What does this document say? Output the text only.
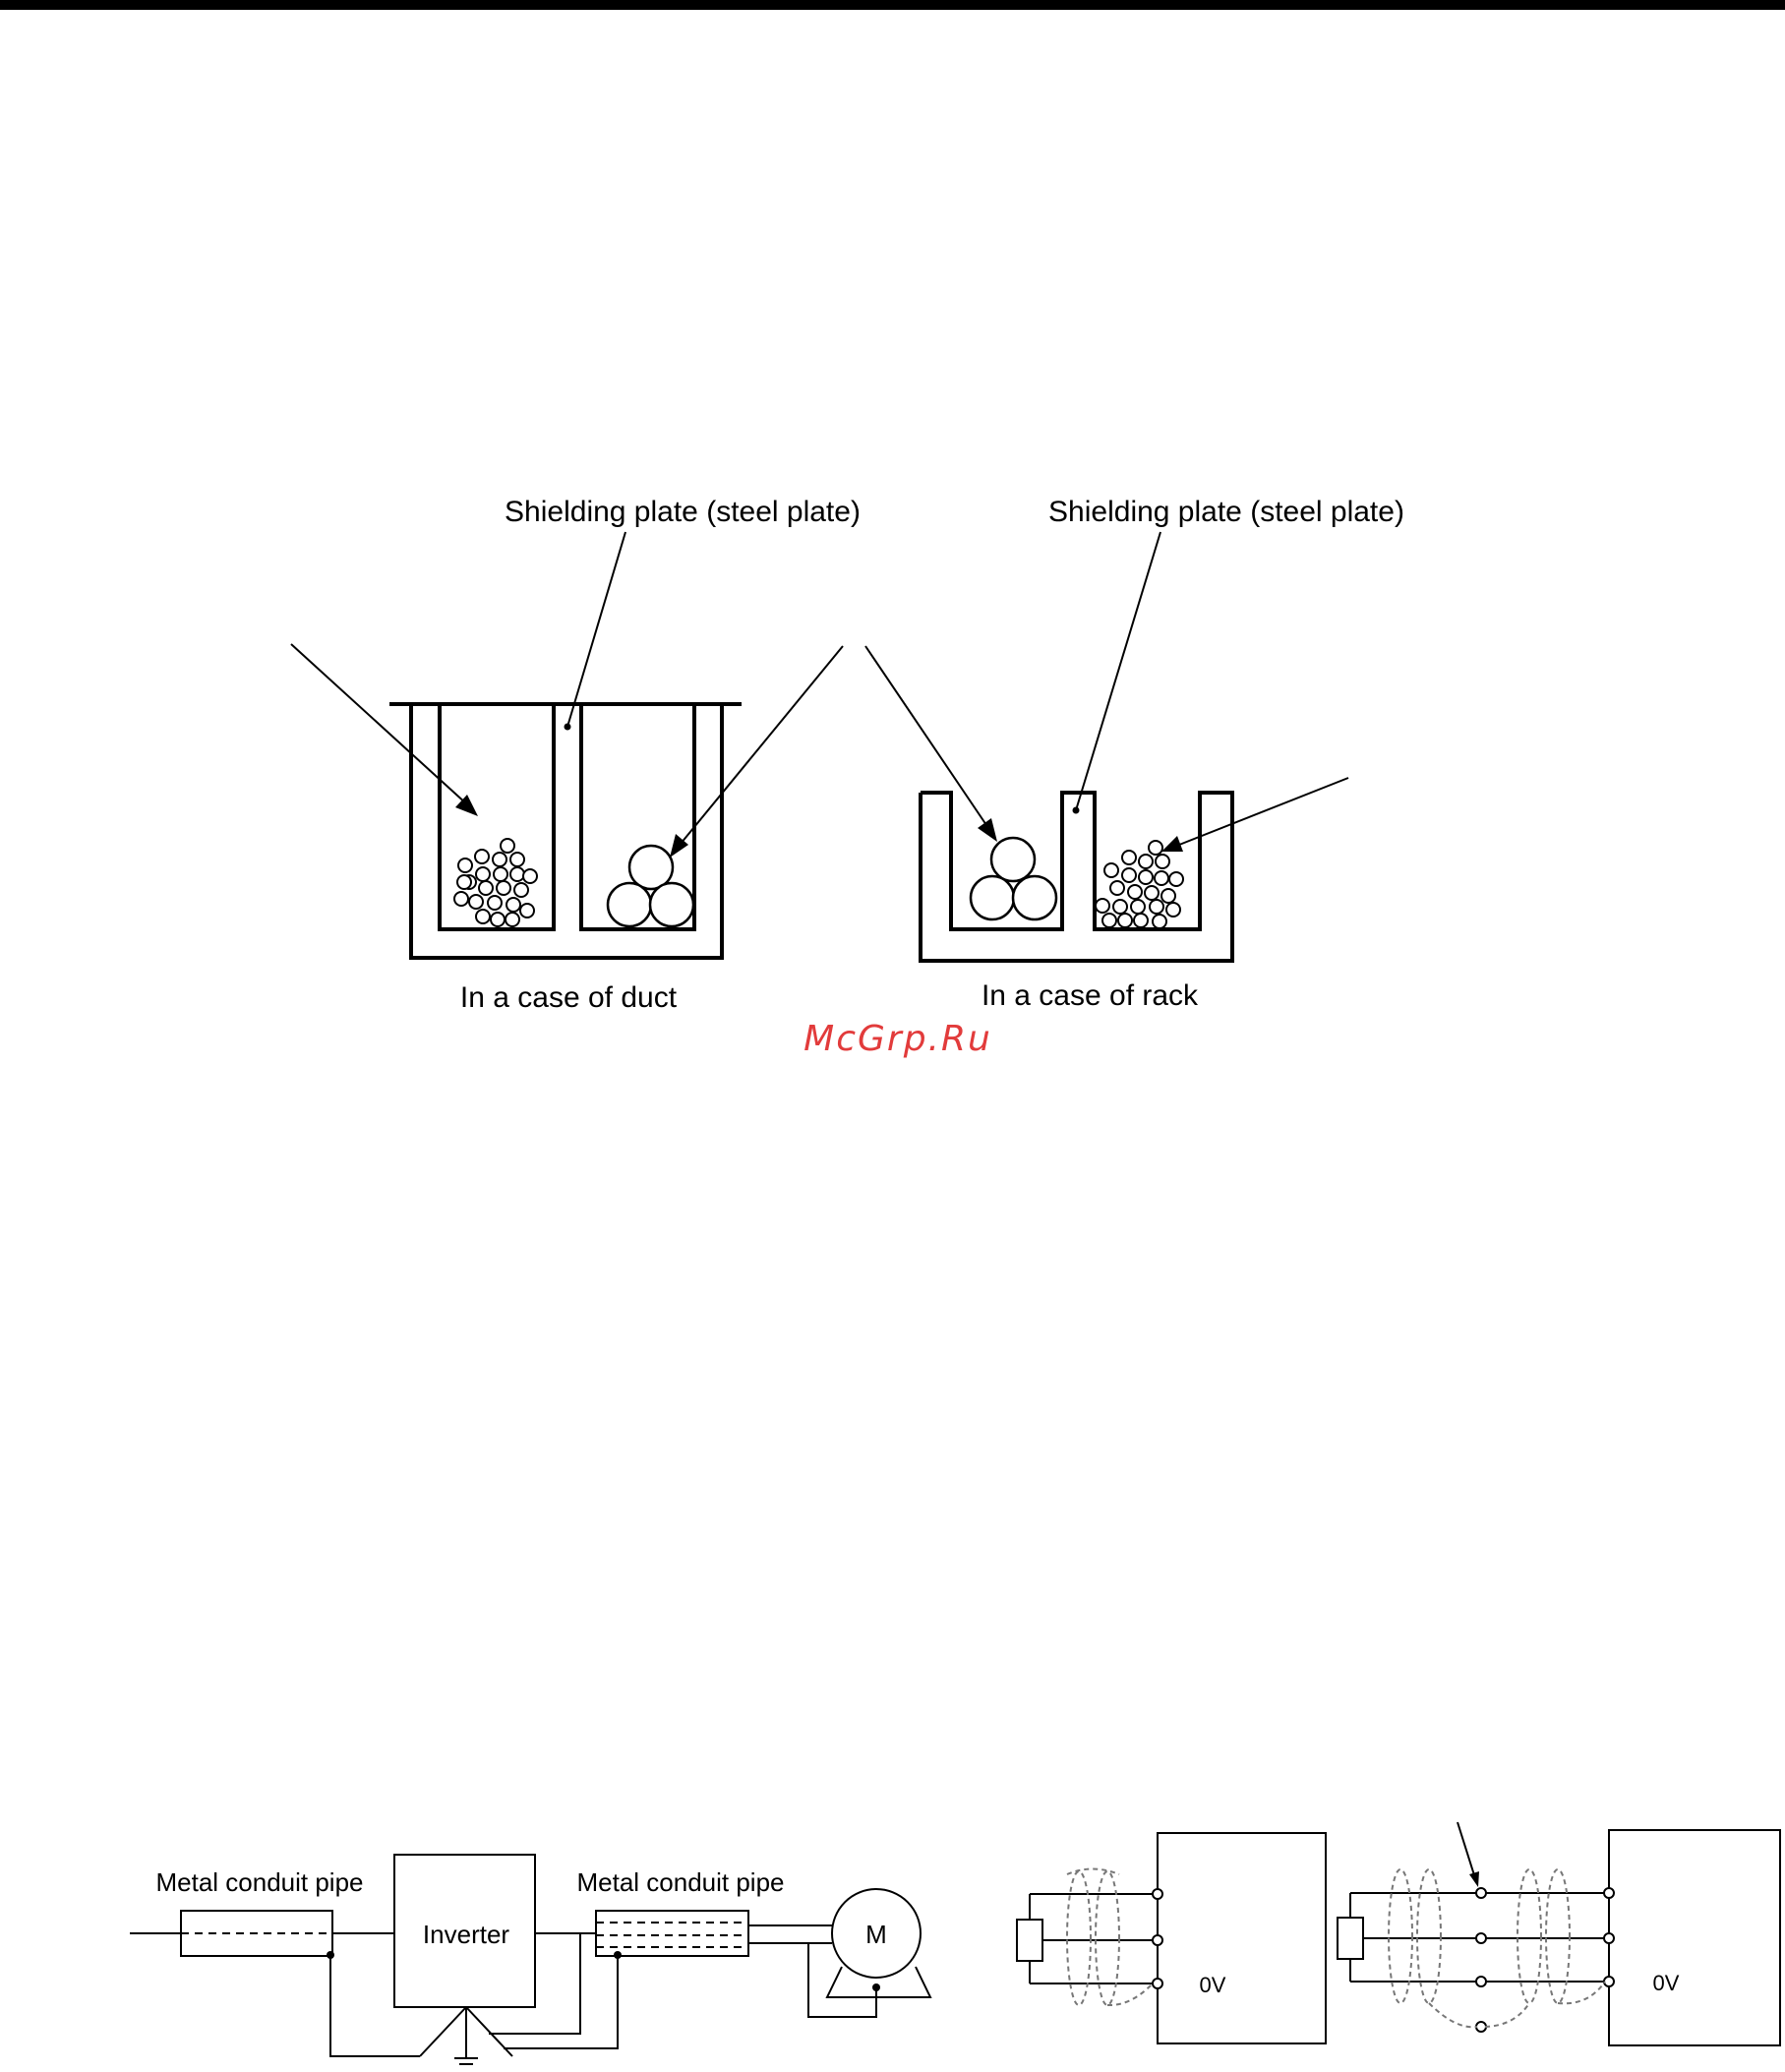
Shielding plate (steel plate)
In a case of duct
Shielding plate (steel plate)
In a case of rack
McGrp.Ru
Metal conduit pipe	Metal conduit pipe
Inverter	M
0V	0V
